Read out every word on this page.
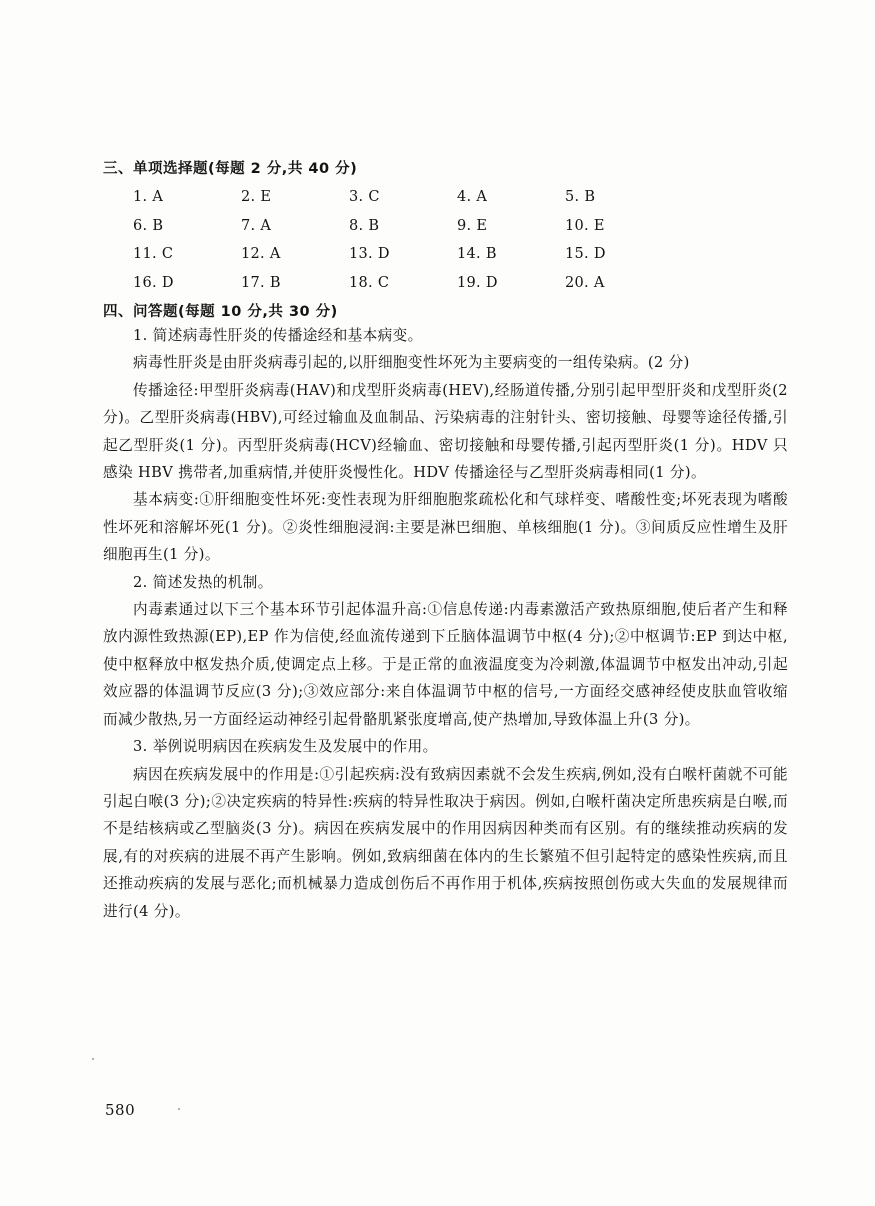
三、单项选择题(每题 2 分,共 40 分)
1. A	2. E	3. C	4. A	5. B
6. B	7. A	8. B	9. E	10. E
11. C	12. A	13. D	14. B	15. D
16. D	17. B	18. C	19. D	20. A
四、问答题(每题 10 分,共 30 分)

1. 简述病毒性肝炎的传播途经和基本病变。

病毒性肝炎是由肝炎病毒引起的,以肝细胞变性坏死为主要病变的一组传染病。(2 分)

传播途径:甲型肝炎病毒(HAV)和戊型肝炎病毒(HEV),经肠道传播,分别引起甲型肝炎和戊型肝炎(2 分)。乙型肝炎病毒(HBV),可经过输血及血制品、污染病毒的注射针头、密切接触、母婴等途径传播,引起乙型肝炎(1 分)。丙型肝炎病毒(HCV)经输血、密切接触和母婴传播,引起丙型肝炎(1 分)。HDV 只感染 HBV 携带者,加重病情,并使肝炎慢性化。HDV 传播途径与乙型肝炎病毒相同(1 分)。

基本病变:①肝细胞变性坏死:变性表现为肝细胞胞浆疏松化和气球样变、嗜酸性变;坏死表现为嗜酸性坏死和溶解坏死(1 分)。②炎性细胞浸润:主要是淋巴细胞、单核细胞(1 分)。③间质反应性增生及肝细胞再生(1 分)。

2. 简述发热的机制。

内毒素通过以下三个基本环节引起体温升高:①信息传递:内毒素激活产致热原细胞,使后者产生和释放内源性致热源(EP),EP 作为信使,经血流传递到下丘脑体温调节中枢(4 分);②中枢调节:EP 到达中枢,使中枢释放中枢发热介质,使调定点上移。于是正常的血液温度变为冷刺激,体温调节中枢发出冲动,引起效应器的体温调节反应(3 分);③效应部分:来自体温调节中枢的信号,一方面经交感神经使皮肤血管收缩而减少散热,另一方面经运动神经引起骨骼肌紧张度增高,使产热增加,导致体温上升(3 分)。

3. 举例说明病因在疾病发生及发展中的作用。

病因在疾病发展中的作用是:①引起疾病:没有致病因素就不会发生疾病,例如,没有白喉杆菌就不可能引起白喉(3 分);②决定疾病的特异性:疾病的特异性取决于病因。例如,白喉杆菌决定所患疾病是白喉,而不是结核病或乙型脑炎(3 分)。病因在疾病发展中的作用因病因种类而有区别。有的继续推动疾病的发展,有的对疾病的进展不再产生影响。例如,致病细菌在体内的生长繁殖不但引起特定的感染性疾病,而且还推动疾病的发展与恶化;而机械暴力造成创伤后不再作用于机体,疾病按照创伤或大失血的发展规律而进行(4 分)。

580
